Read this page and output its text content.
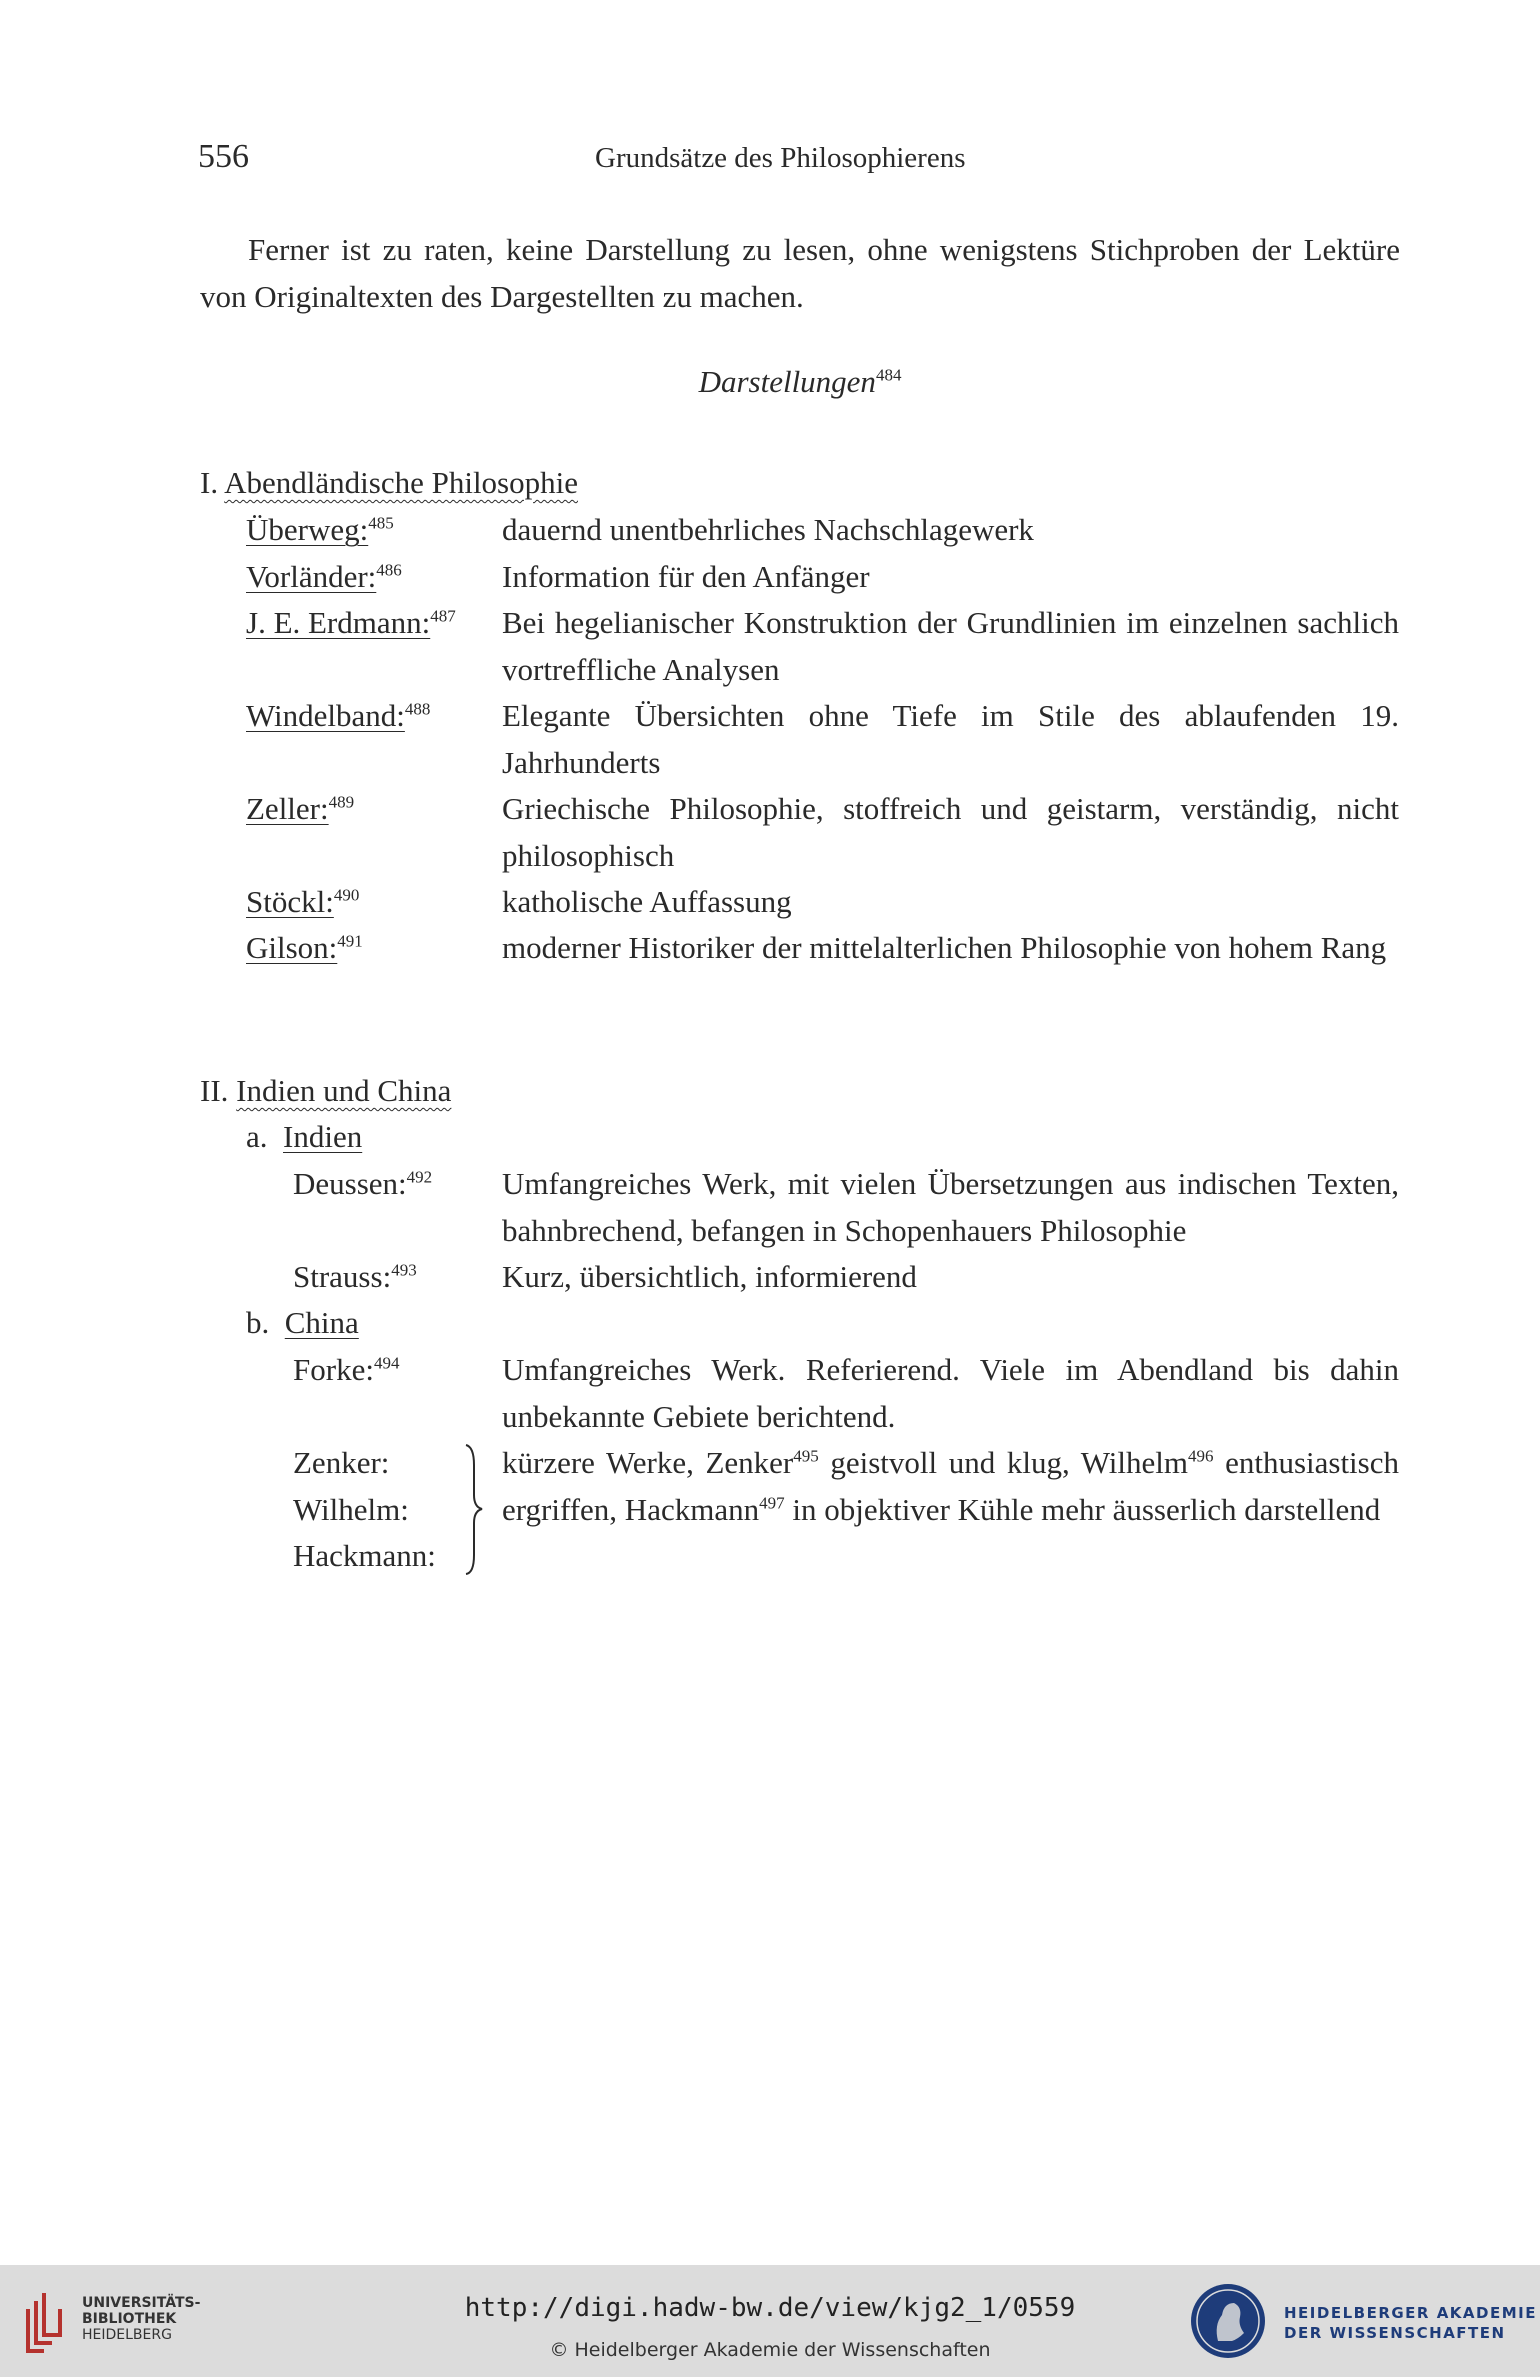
556	Grundsätze des Philosophierens
Ferner ist zu raten, keine Darstellung zu lesen, ohne wenigstens Stichproben der Lektüre von Originaltexten des Dargestellten zu machen.
Darstellungen$^{484}$
I. Abendländische Philosophie
Überweg:$^{485}$	dauernd unentbehrliches Nachschlagewerk
Vorländer:$^{486}$	Information für den Anfänger
J. E. Erdmann:$^{487}$ Bei hegelianischer Konstruktion der Grundlinien im einzelnen sachlich vortreffliche Analysen
Windelband:$^{488}$ Elegante Übersichten ohne Tiefe im Stile des ablaufenden 19. Jahrhunderts
Zeller:$^{489}$	Griechische Philosophie, stoffreich und geistarm, verständig, nicht philosophisch
Stöckl:$^{490}$	katholische Auffassung
Gilson:$^{491}$	moderner Historiker der mittelalterlichen Philosophie von hohem Rang
II. Indien und China
a. Indien
Deussen:$^{492}$ Umfangreiches Werk, mit vielen Übersetzungen aus indischen Texten, bahnbrechend, befangen in Schopenhauers Philosophie
Strauss:$^{493}$	Kurz, übersichtlich, informierend
b. China
Forke:$^{494}$	Umfangreiches Werk. Referierend. Viele im Abendland bis dahin unbekannte Gebiete berichtend.
Zenker:
Wilhelm:
Hackmann:
kürzere Werke, Zenker$^{495}$ geistvoll und klug, Wilhelm$^{496}$ enthusiastisch ergriffen, Hackmann$^{497}$ in objektiver Kühle mehr äusserlich darstellend
UNIVERSITÄTS-
BIBLIOTHEK
HEIDELBERG
http://digi.hadw-bw.de/view/kjg2_1/0559
© Heidelberger Akademie der Wissenschaften
HEIDELBERGER AKADEMIE
DER WISSENSCHAFTEN
